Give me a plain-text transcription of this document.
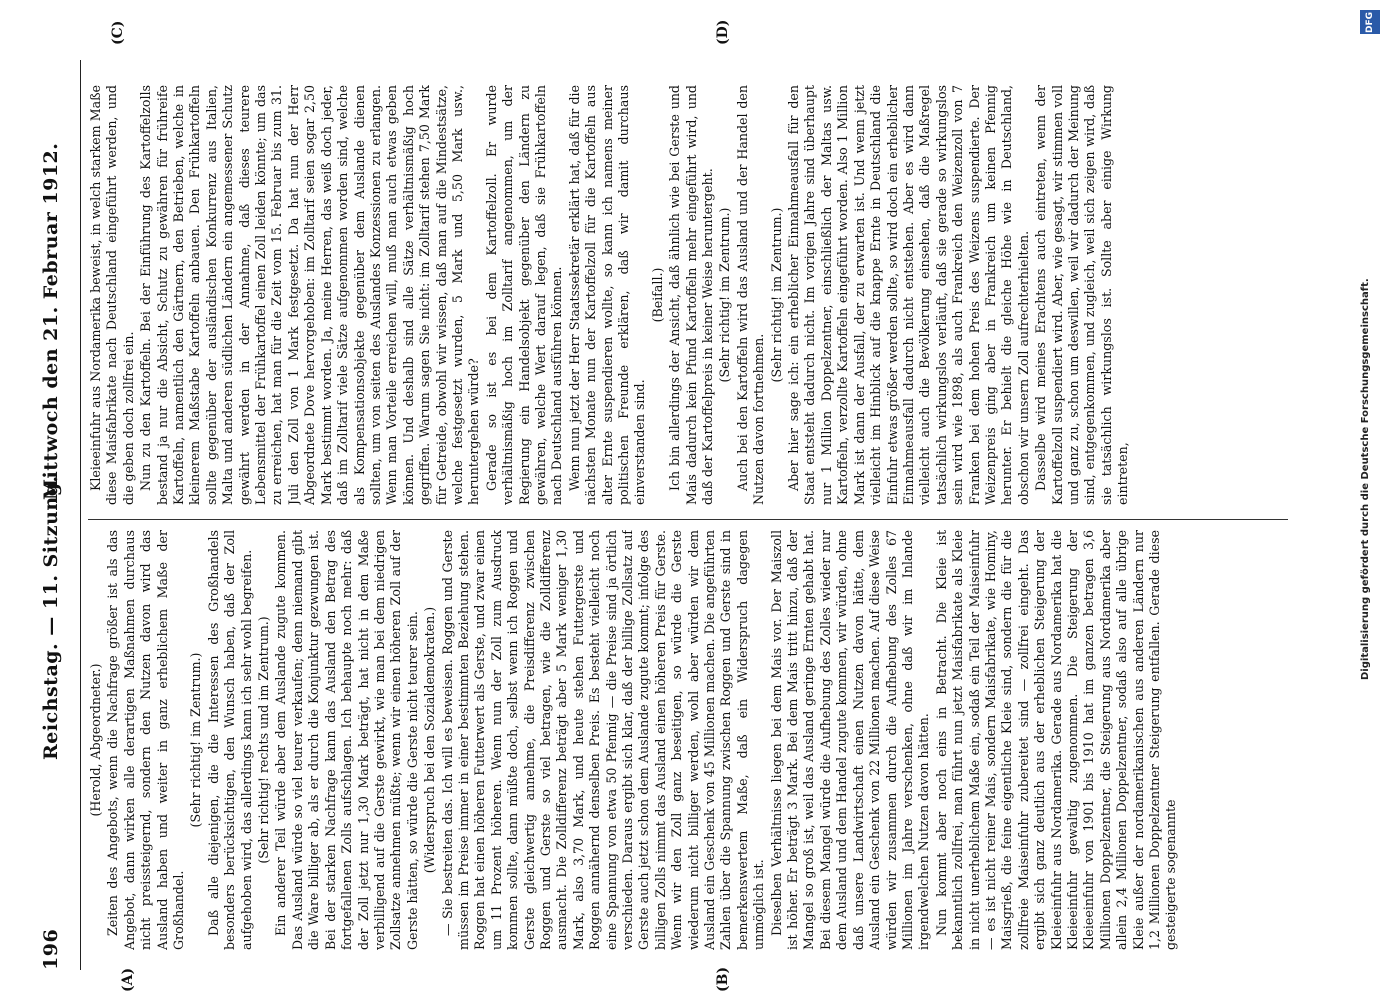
196
Reichstag. — 11. Sitzung.
Mittwoch den 21. Februar 1912.
(A)	(B)
(C)	(D)

(Herold, Abgeordneter.) Zeiten des Angebots, wenn die Nachfrage größer ist als das Angebot, dann wirken alle derartigen Maßnahmen durchaus nicht preissteigernd, sondern den Nutzen davon wird das Ausland haben und weiter in ganz erheblichem Maße der Großhandel.

(Sehr richtig! im Zentrum.) Daß alle diejenigen, die die Interessen des Großhandels besonders berücksichtigen, den Wunsch haben, daß der Zoll aufgehoben wird, das allerdings kann ich sehr wohl begreifen. (Sehr richtig! rechts und im Zentrum.) Ein anderer Teil würde aber dem Auslande zugute kommen. Das Ausland würde so viel teurer verkaufen; denn niemand gibt die Ware billiger ab, als er durch die Konjunktur gezwungen ist. Bei der starken Nachfrage kann das Ausland den Betrag des fortgefallenen Zolls aufschlagen. Ich behaupte noch mehr: daß der Zoll jetzt nur 1,30 Mark beträgt, hat nicht in dem Maße verbilligend auf die Gerste gewirkt, wie man bei dem niedrigen Zollsatze annehmen müßte; wenn wir einen höheren Zoll auf der Gerste hätten, so würde die Gerste nicht teurer sein. (Widerspruch bei den Sozialdemokraten.) — Sie bestreiten das. Ich will es beweisen. Roggen und Gerste müssen im Preise immer in einer bestimmten Beziehung stehen. Roggen hat einen höheren Futterwert als Gerste, und zwar einen um 11 Prozent höheren. Wenn nun der Zoll zum Ausdruck kommen sollte, dann müßte doch, selbst wenn ich Roggen und Gerste gleichwertig annehme, die Preisdifferenz zwischen Roggen und Gerste so viel betragen, wie die Zolldifferenz ausmacht. Die Zolldifferenz beträgt aber 5 Mark weniger 1,30 Mark, also 3,70 Mark, und heute stehen Futtergerste und Roggen annähernd denselben Preis. Es besteht vielleicht noch eine Spannung von etwa 50 Pfennig — die Preise sind ja örtlich verschieden. Daraus ergibt sich klar, daß der billige Zollsatz auf Gerste auch jetzt schon dem Auslande zugute kommt; infolge des billigen Zolls nimmt das Ausland einen höheren Preis für Gerste. Wenn wir den Zoll ganz beseitigen, so würde die Gerste wiederum nicht billiger werden, wohl aber würden wir dem Ausland ein Geschenk von 45 Millionen machen. Die angeführten Zahlen über die Spannung zwischen Roggen und Gerste sind in bemerkenswertem Maße, daß ein Widerspruch dagegen unmöglich ist. Dieselben Verhältnisse liegen bei dem Mais vor. Der Maiszoll ist höher. Er beträgt 3 Mark. Bei dem Mais tritt hinzu, daß der Mangel so groß ist, weil das Ausland geringe Ernten gehabt hat. Bei diesem Mangel würde die Aufhebung des Zolles wieder nur dem Ausland und dem Handel zugute kommen, wir würden, ohne daß unsere Landwirtschaft einen Nutzen davon hätte, dem Ausland ein Geschenk von 22 Millionen machen. Auf diese Weise würden wir zusammen durch die Aufhebung des Zolles 67 Millionen im Jahre verschenken, ohne daß wir im Inlande irgendwelchen Nutzen davon hätten. Nun kommt aber noch eins in Betracht. Die Kleie ist bekanntlich zollfrei, man führt nun jetzt Maisfabrikate als Kleie in nicht unerheblichem Maße ein, sodaß ein Teil der Maiseinfuhr — es ist nicht reiner Mais, sondern Maisfabrikate, wie Hominy, Maisgrieß, die feine eigentliche Kleie sind, sondern die für die zollfreie Maiseinfuhr zubereitet sind — zollfrei eingeht. Das ergibt sich ganz deutlich aus der erheblichen Steigerung der Kleieeinfuhr aus Nordamerika. Gerade aus Nordamerika hat die Kleieeinfuhr gewaltig zugenommen. Die Steigerung der Kleieeinfuhr von 1901 bis 1910 hat im ganzen betragen 3,6 Millionen Doppelzentner, die Steigerung aus Nordamerika aber allein 2,4 Millionen Doppelzentner, sodaß also auf alle übrige Kleie außer der nordamerikanischen aus anderen Ländern nur 1,2 Millionen Doppelzentner Steigerung entfallen. Gerade diese gesteigerte sogenannte

Kleieeinfuhr aus Nordamerika beweist, in welch starkem Maße diese Maisfabrikate nach Deutschland eingeführt werden, und die geben doch zollfrei ein. Nun zu den Kartoffeln. Bei der Einführung des Kartoffelzolls bestand ja nur die Absicht, Schutz zu gewähren für frühreife Kartoffeln, namentlich den Gärtnern, den Betrieben, welche in kleinerem Maßstabe Kartoffeln anbauen. Den Frühkartoffeln sollte gegenüber der ausländischen Konkurrenz aus Italien, Malta und anderen südlichen Ländern ein angemessener Schutz gewährt werden in der Annahme, daß dieses teurere Lebensmittel der Frühkartoffel einen Zoll leiden könnte; um das zu erreichen, hat man für die Zeit vom 15. Februar bis zum 31. Juli den Zoll von 1 Mark festgesetzt. Da hat nun der Herr Abgeordnete Dove hervorgehoben: im Zolltarif seien sogar 2,50 Mark bestimmt worden. Ja, meine Herren, das weiß doch jeder, daß im Zolltarif viele Sätze aufgenommen worden sind, welche als Kompensationsobjekte gegenüber dem Auslande dienen sollten, um von seiten des Auslandes Konzessionen zu erlangen. Wenn man Vorteile erreichen will, muß man auch etwas geben können. Und deshalb sind alle Sätze verhältnismäßig hoch gegriffen. Warum sagen Sie nicht: im Zolltarif stehen 7,50 Mark für Getreide, obwohl wir wissen, daß man auf die Mindestsätze, welche festgesetzt wurden, 5 Mark und 5,50 Mark usw., heruntergehen würde? Gerade so ist es bei dem Kartoffelzoll. Er wurde verhältnismäßig hoch im Zolltarif angenommen, um der Regierung ein Handelsobjekt gegenüber den Ländern zu gewähren, welche Wert darauf legen, daß sie Frühkartoffeln nach Deutschland ausführen können. Wenn nun jetzt der Herr Staatssekretär erklärt hat, daß für die nächsten Monate nun der Kartoffelzoll für die Kartoffeln aus alter Ernte suspendieren wollte, so kann ich namens meiner politischen Freunde erklären, daß wir damit durchaus einverstanden sind.

(Beifall.) Ich bin allerdings der Ansicht, daß ähnlich wie bei Gerste und Mais dadurch kein Pfund Kartoffeln mehr eingeführt wird, und daß der Kartoffelpreis in keiner Weise heruntergeht. (Sehr richtig! im Zentrum.) Auch bei den Kartoffeln wird das Ausland und der Handel den Nutzen davon fortnehmen.

(Sehr richtig! im Zentrum.) Aber hier sage ich: ein erheblicher Einnahmeausfall für den Staat entsteht dadurch nicht. Im vorigen Jahre sind überhaupt nur 1 Million Doppelzentner, einschließlich der Maltas usw. Kartoffeln, verzollte Kartoffeln eingeführt worden. Also 1 Million Mark ist dann der Ausfall, der zu erwarten ist. Und wenn jetzt vielleicht im Hinblick auf die knappe Ernte in Deutschland die Einfuhr etwas größer werden sollte, so wird doch ein erheblicher Einnahmeausfall dadurch nicht entstehen. Aber es wird dann vielleicht auch die Bevölkerung einsehen, daß die Maßregel tatsächlich wirkungslos verläuft, daß sie gerade so wirkungslos sein wird wie 1898, als auch Frankreich den Weizenzoll von 7 Franken bei dem hohen Preis des Weizens suspendierte. Der Weizenpreis ging aber in Frankreich um keinen Pfennig herunter. Er behielt die gleiche Höhe wie in Deutschland, obschon wir unsern Zoll aufrechterhielten. Dasselbe wird meines Erachtens auch eintreten, wenn der Kartoffelzoll suspendiert wird. Aber, wie gesagt, wir stimmen voll und ganz zu, schon um deswillen, weil wir dadurch der Meinung sind, entgegenkommen, und zugleich, weil sich zeigen wird, daß sie tatsächlich wirkungslos ist. Sollte aber einige Wirkung eintreten,

DFG
Digitalisierung gefördert durch die Deutsche Forschungsgemeinschaft.
